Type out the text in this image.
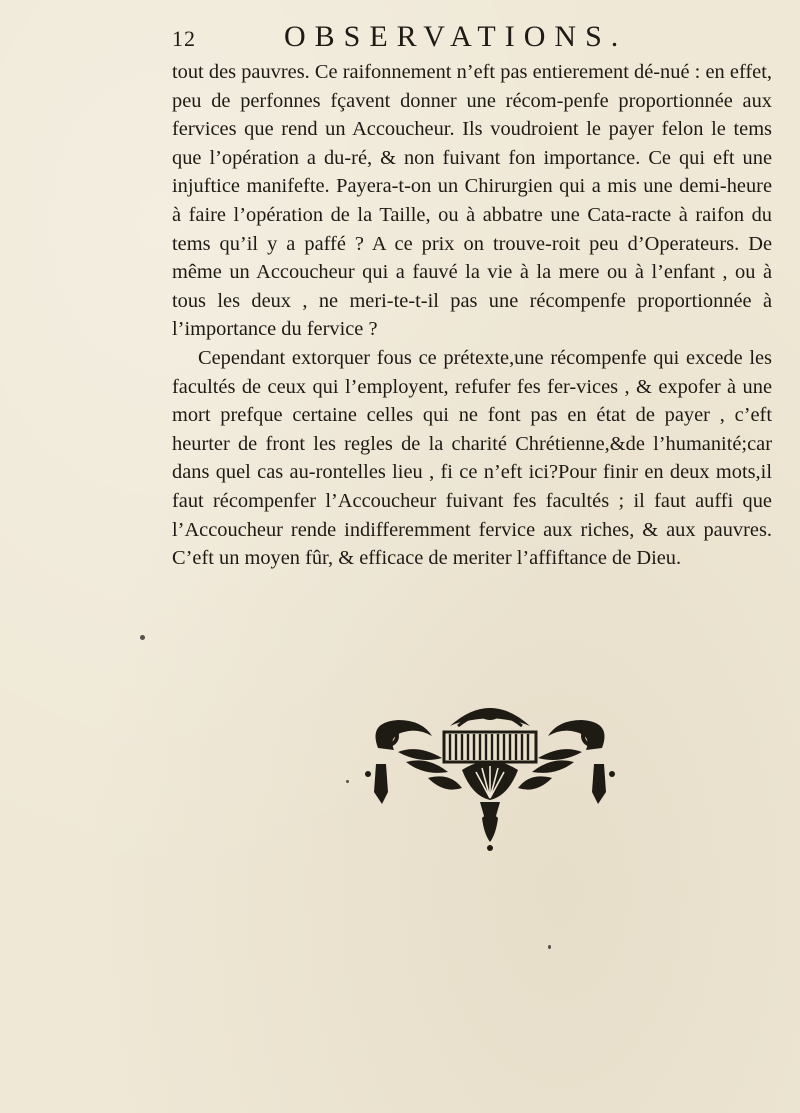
12	OBSERVATIONS.

tout des pauvres. Ce raifonnement n’eft pas entierement dé-nué : en effet, peu de perfonnes fçavent donner une récom-penfe proportionnée aux fervices que rend un Accoucheur. Ils voudroient le payer felon le tems que l’opération a du-ré, & non fuivant fon importance. Ce qui eft une injuftice manifefte. Payera-t-on un Chirurgien qui a mis une demi-heure à faire l’opération de la Taille, ou à abbatre une Cata-racte à raifon du tems qu’il y a paffé ? A ce prix on trouve-roit peu d’Operateurs. De même un Accoucheur qui a fauvé la vie à la mere ou à l’enfant , ou à tous les deux , ne meri-te-t-il pas une récompenfe proportionnée à l’importance du fervice ?

Cependant extorquer fous ce prétexte,une récompenfe qui excede les facultés de ceux qui l’employent, refufer fes fer-vices , & expofer à une mort prefque certaine celles qui ne font pas en état de payer , c’eft heurter de front les regles de la charité Chrétienne,&de l’humanité;car dans quel cas au-rontelles lieu , fi ce n’eft ici?Pour finir en deux mots,il faut récompenfer l’Accoucheur fuivant fes facultés ; il faut auffi que l’Accoucheur rende indifferemment fervice aux riches, & aux pauvres. C’eft un moyen fûr, & efficace de meriter l’affiftance de Dieu.
